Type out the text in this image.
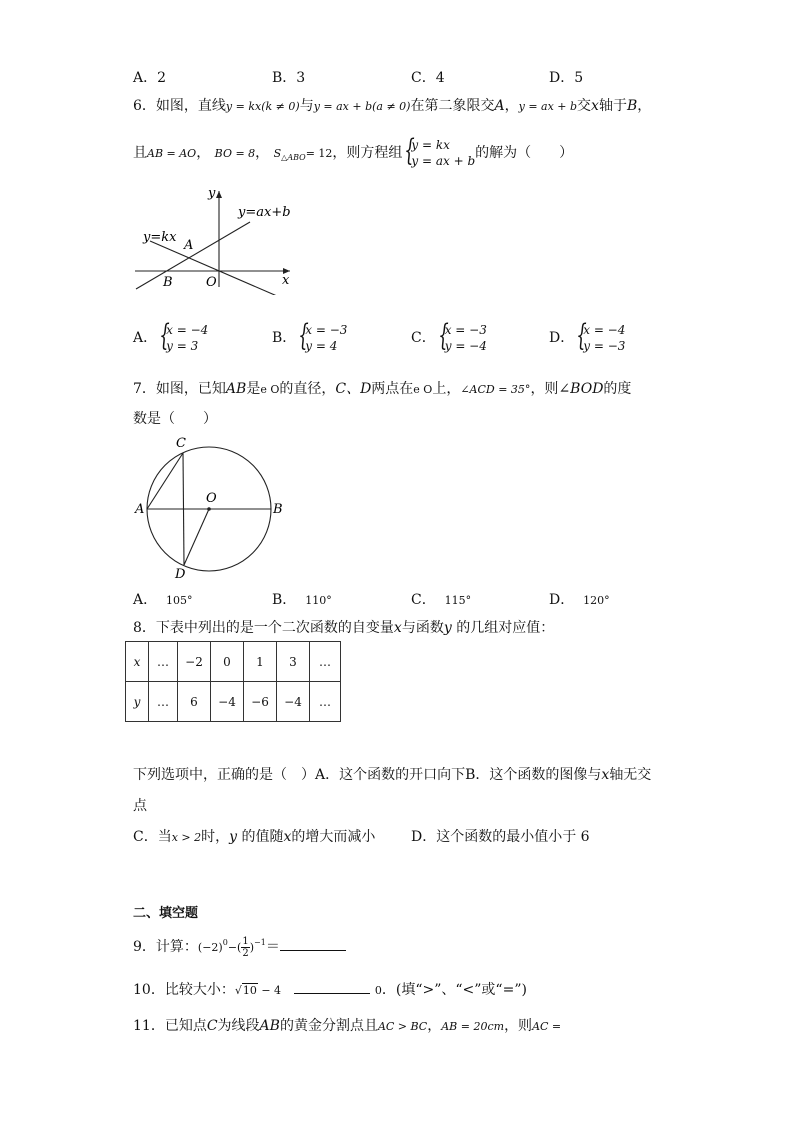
A．2	B．3	C．4	D．5
6．如图，直线y = kx(k ≠ 0)与y = ax + b(a ≠ 0)在第二象限交A，y = ax + b交x轴于B，
且AB = AO， BO = 8， $S_{\triangle ABO}= 12$，则方程组 { y = kx
y = ax + b 的解为（　　）
y
x
y=ax+b
y=kx
A
B	O
A． { x = −4
y = 3	B． { x = −3
y = 4	C． { x = −3
y = −4	D． { x = −4
y = −3
7．如图，已知AB是e O的直径，C、D两点在e O上，∠ACD = 35°，则∠BOD的度
数是（　　）
C
O
A	B
D
A． 105°	B． 110°	C． 115°	D． 120°
8．下表中列出的是一个二次函数的自变量x与函数y 的几组对应值：
x	…	−2	0	1	3	…
y	…	6	−4	−6	−4	…
下列选项中，正确的是（　）A．这个函数的开口向下B．这个函数的图像与x轴无交
点
C．当x > 2时，y 的值随x的增大而减小	D．这个函数的最小值小于 6
二、填空题
9．计算：$(-2)^0-( \frac{1}{2} )^{-1}=$
10．比较大小：√10 − 4	0．(填“>”、“<”或“=”)
11．已知点C为线段AB的黄金分割点且AC > BC，AB = 20cm，则AC =
